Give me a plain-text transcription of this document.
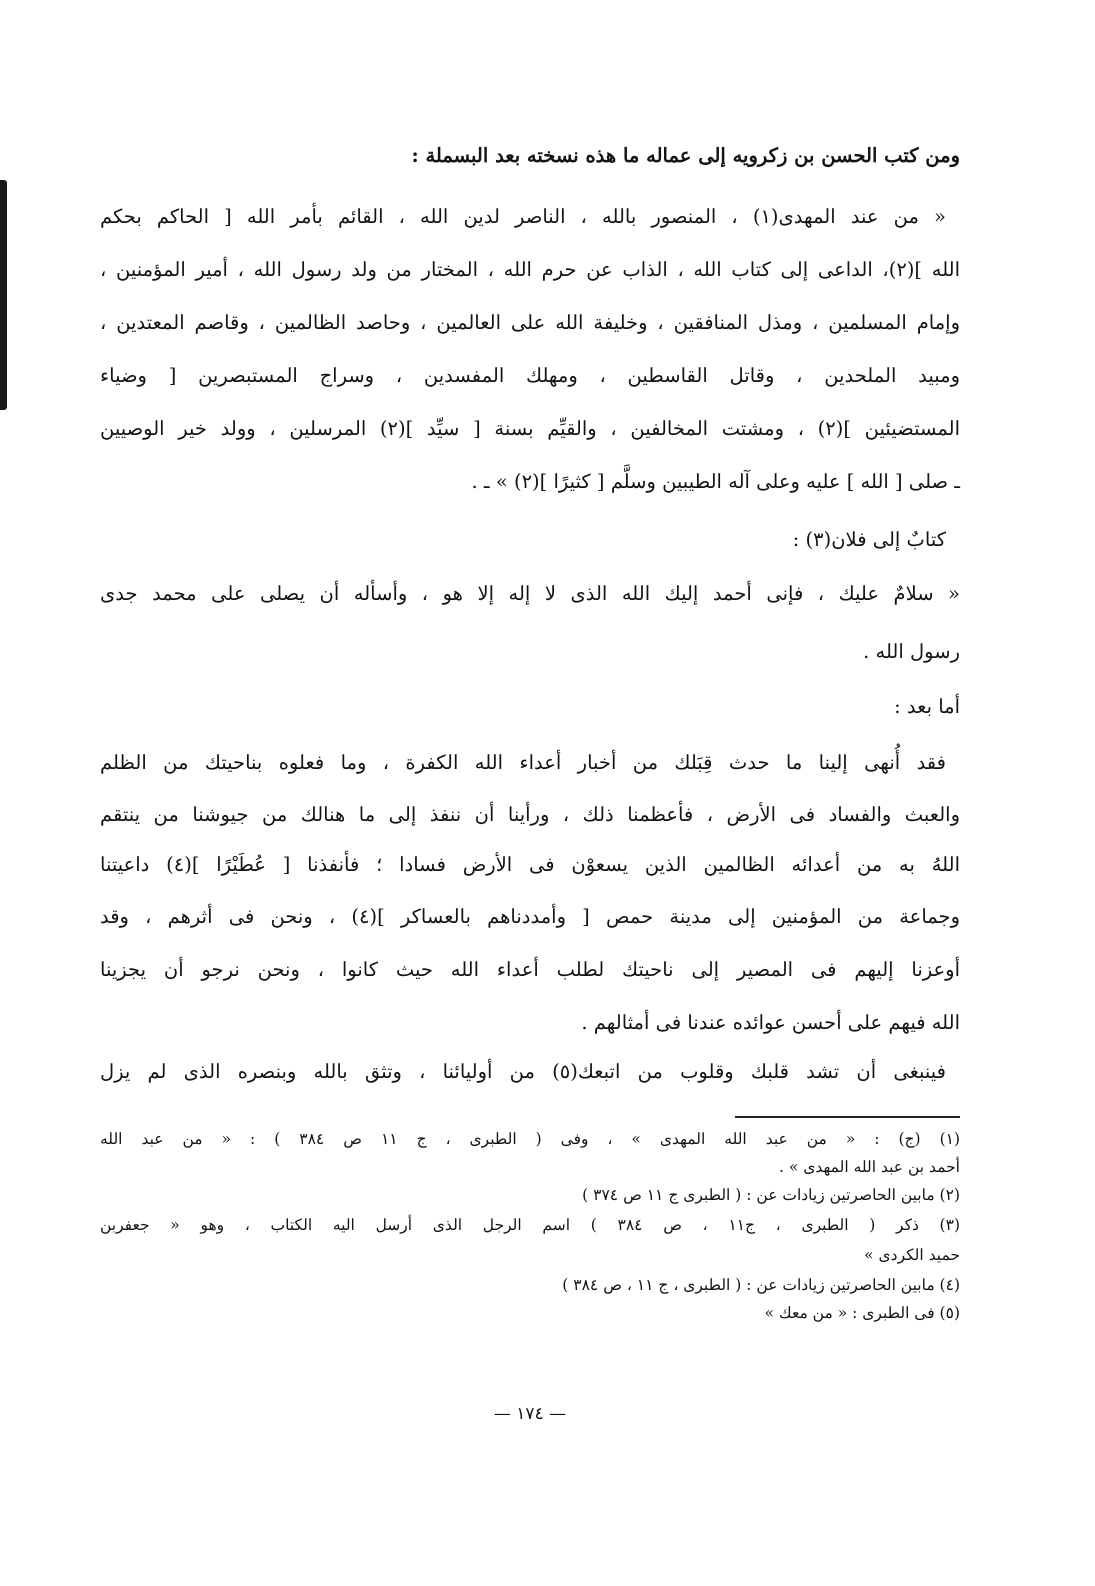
ومن كتب الحسن بن زكرويه إلى عماله ما هذه نسخته بعد البسملة :
« من عند المهدى(١) ، المنصور بالله ، الناصر لدين الله ، القائم بأمر الله [ الحاكم بحكم
الله ](٢)، الداعى إلى كتاب الله ، الذاب عن حرم الله ، المختار من ولد رسول الله ، أمير المؤمنين ،
وإمام المسلمين ، ومذل المنافقين ، وخليفة الله على العالمين ، وحاصد الظالمين ، وقاصم المعتدين ،
ومبيد الملحدين ، وقاتل القاسطين ، ومهلك المفسدين ، وسراج المستبصرين [ وضياء
المستضيئين ](٢) ، ومشتت المخالفين ، والقيِّم بسنة [ سيِّد ](٢) المرسلين ، وولد خير الوصيين
ـ صلى [ الله ] عليه وعلى آله الطيبين وسلَّم [ كثيرًا ](٢) » ـ .
كتابٌ إلى فلان(٣) :
« سلامٌ عليك ، فإنى أحمد إليك الله الذى لا إله إلا هو ، وأسأله أن يصلى على محمد جدى
رسول الله .
أما بعد :
فقد أُنهى إلينا ما حدث قِبَلك من أخبار أعداء الله الكفرة ، وما فعلوه بناحيتك من الظلم
والعبث والفساد فى الأرض ، فأعظمنا ذلك ، ورأينا أن ننفذ إلى ما هنالك من جيوشنا من ينتقم
اللهُ به من أعدائه الظالمين الذين يسعوْن فى الأرض فسادا ؛ فأنفذنا [ عُطَيْرًا ](٤) داعيتنا
وجماعة من المؤمنين إلى مدينة حمص [ وأمددناهم بالعساكر ](٤) ، ونحن فى أثرهم ، وقد
أوعزنا إليهم فى المصير إلى ناحيتك لطلب أعداء الله حيث كانوا ، ونحن نرجو أن يجزينا
الله فيهم على أحسن عوائده عندنا فى أمثالهم .
فينبغى أن تشد قلبك وقلوب من اتبعك(٥) من أوليائنا ، وتثق بالله وبنصره الذى لم يزل
(١) (ج) : « من عبد الله المهدى » ، وفى ( الطبرى ، ج ١١ ص ٣٨٤ ) : « من عبد الله
أحمد بن عبد الله المهدى » .
(٢) مابين الحاصرتين زيادات عن : ( الطبرى ج ١١ ص ٣٧٤ )
(٣) ذكر ( الطبرى ، ج١١ ، ص ٣٨٤ ) اسم الرجل الذى أرسل اليه الكتاب ، وهو « جعفربن
حميد الكردى »
(٤) مابين الحاصرتين زيادات عن : ( الطبرى ، ج ١١ ، ص ٣٨٤ )
(٥) فى الطبرى : « من معك »
— ١٧٤ —
